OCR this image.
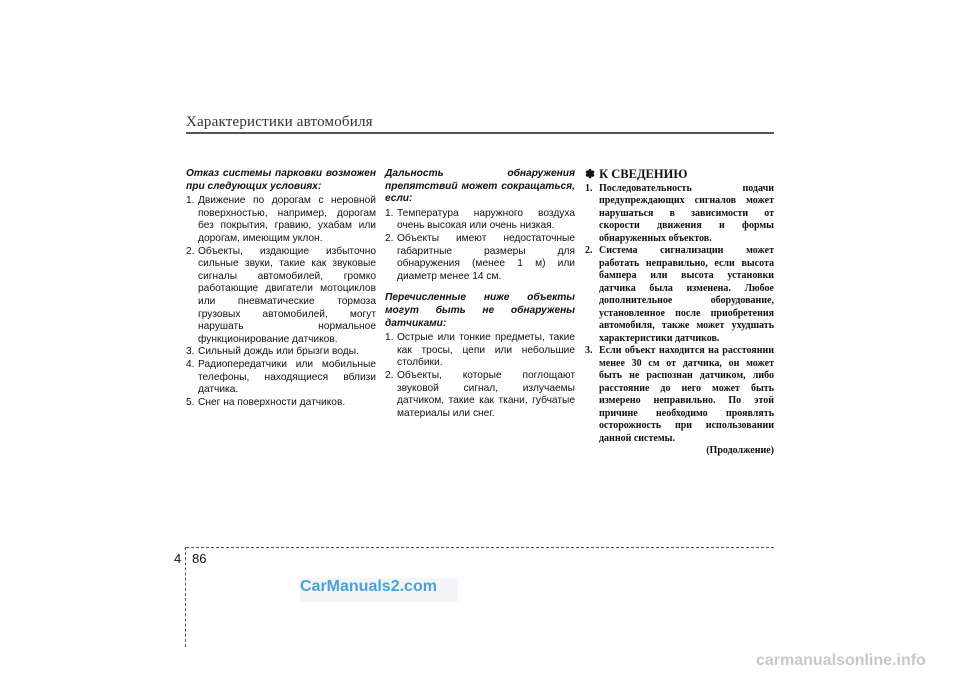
Характеристики автомобиля

Отказ системы парковки возможен при следующих условиях:

1. Движение по дорогам с неровной поверхностью, например, дорогам без покрытия, гравию, ухабам или дорогам, имеющим уклон.
2. Объекты, издающие избыточно сильные звуки, такие как звуковые сигналы автомобилей, громко работающие двигатели мотоциклов или пневматические тормоза грузовых автомобилей, могут нарушать нормальное функционирование датчиков.
3. Сильный дождь или брызги воды.
4. Радиопередатчики или мобильные телефоны, находящиеся вблизи датчика.
5. Снег на поверхности датчиков.

Дальность обнаружения препятствий может сокращаться, если:

1. Температура наружного воздуха очень высокая или очень низкая.
2. Объекты имеют недостаточные габаритные размеры для обнаружения (менее 1 м) или диаметр менее 14 см.

Перечисленные ниже объекты могут быть не обнаружены датчиками:

1. Острые или тонкие предметы, такие как тросы, цепи или небольшие столбики.
2. Объекты, которые поглощают звуковой сигнал, излучаемы датчиком, такие как ткани, губчатые материалы или снег.
✽ К СВЕДЕНИЮ
1. Последовательность подачи предупреждающих сигналов может нарушаться в зависимости от скорости движения и формы обнаруженных объектов.
2. Система сигнализации может работать неправильно, если высота бампера или высота установки датчика была изменена. Любое дополнительное оборудование, установленное после приобретения автомобиля, также может ухудшать характеристики датчиков.
3. Если объект находится на расстоянии менее 30 см от датчика, он может быть не распознан датчиком, либо расстояние до него может быть измерено неправильно. По этой причине необходимо проявлять осторожность при использовании данной системы.
(Продолжение)
4 86
CarManuals2.com
carmanualsonline.info
